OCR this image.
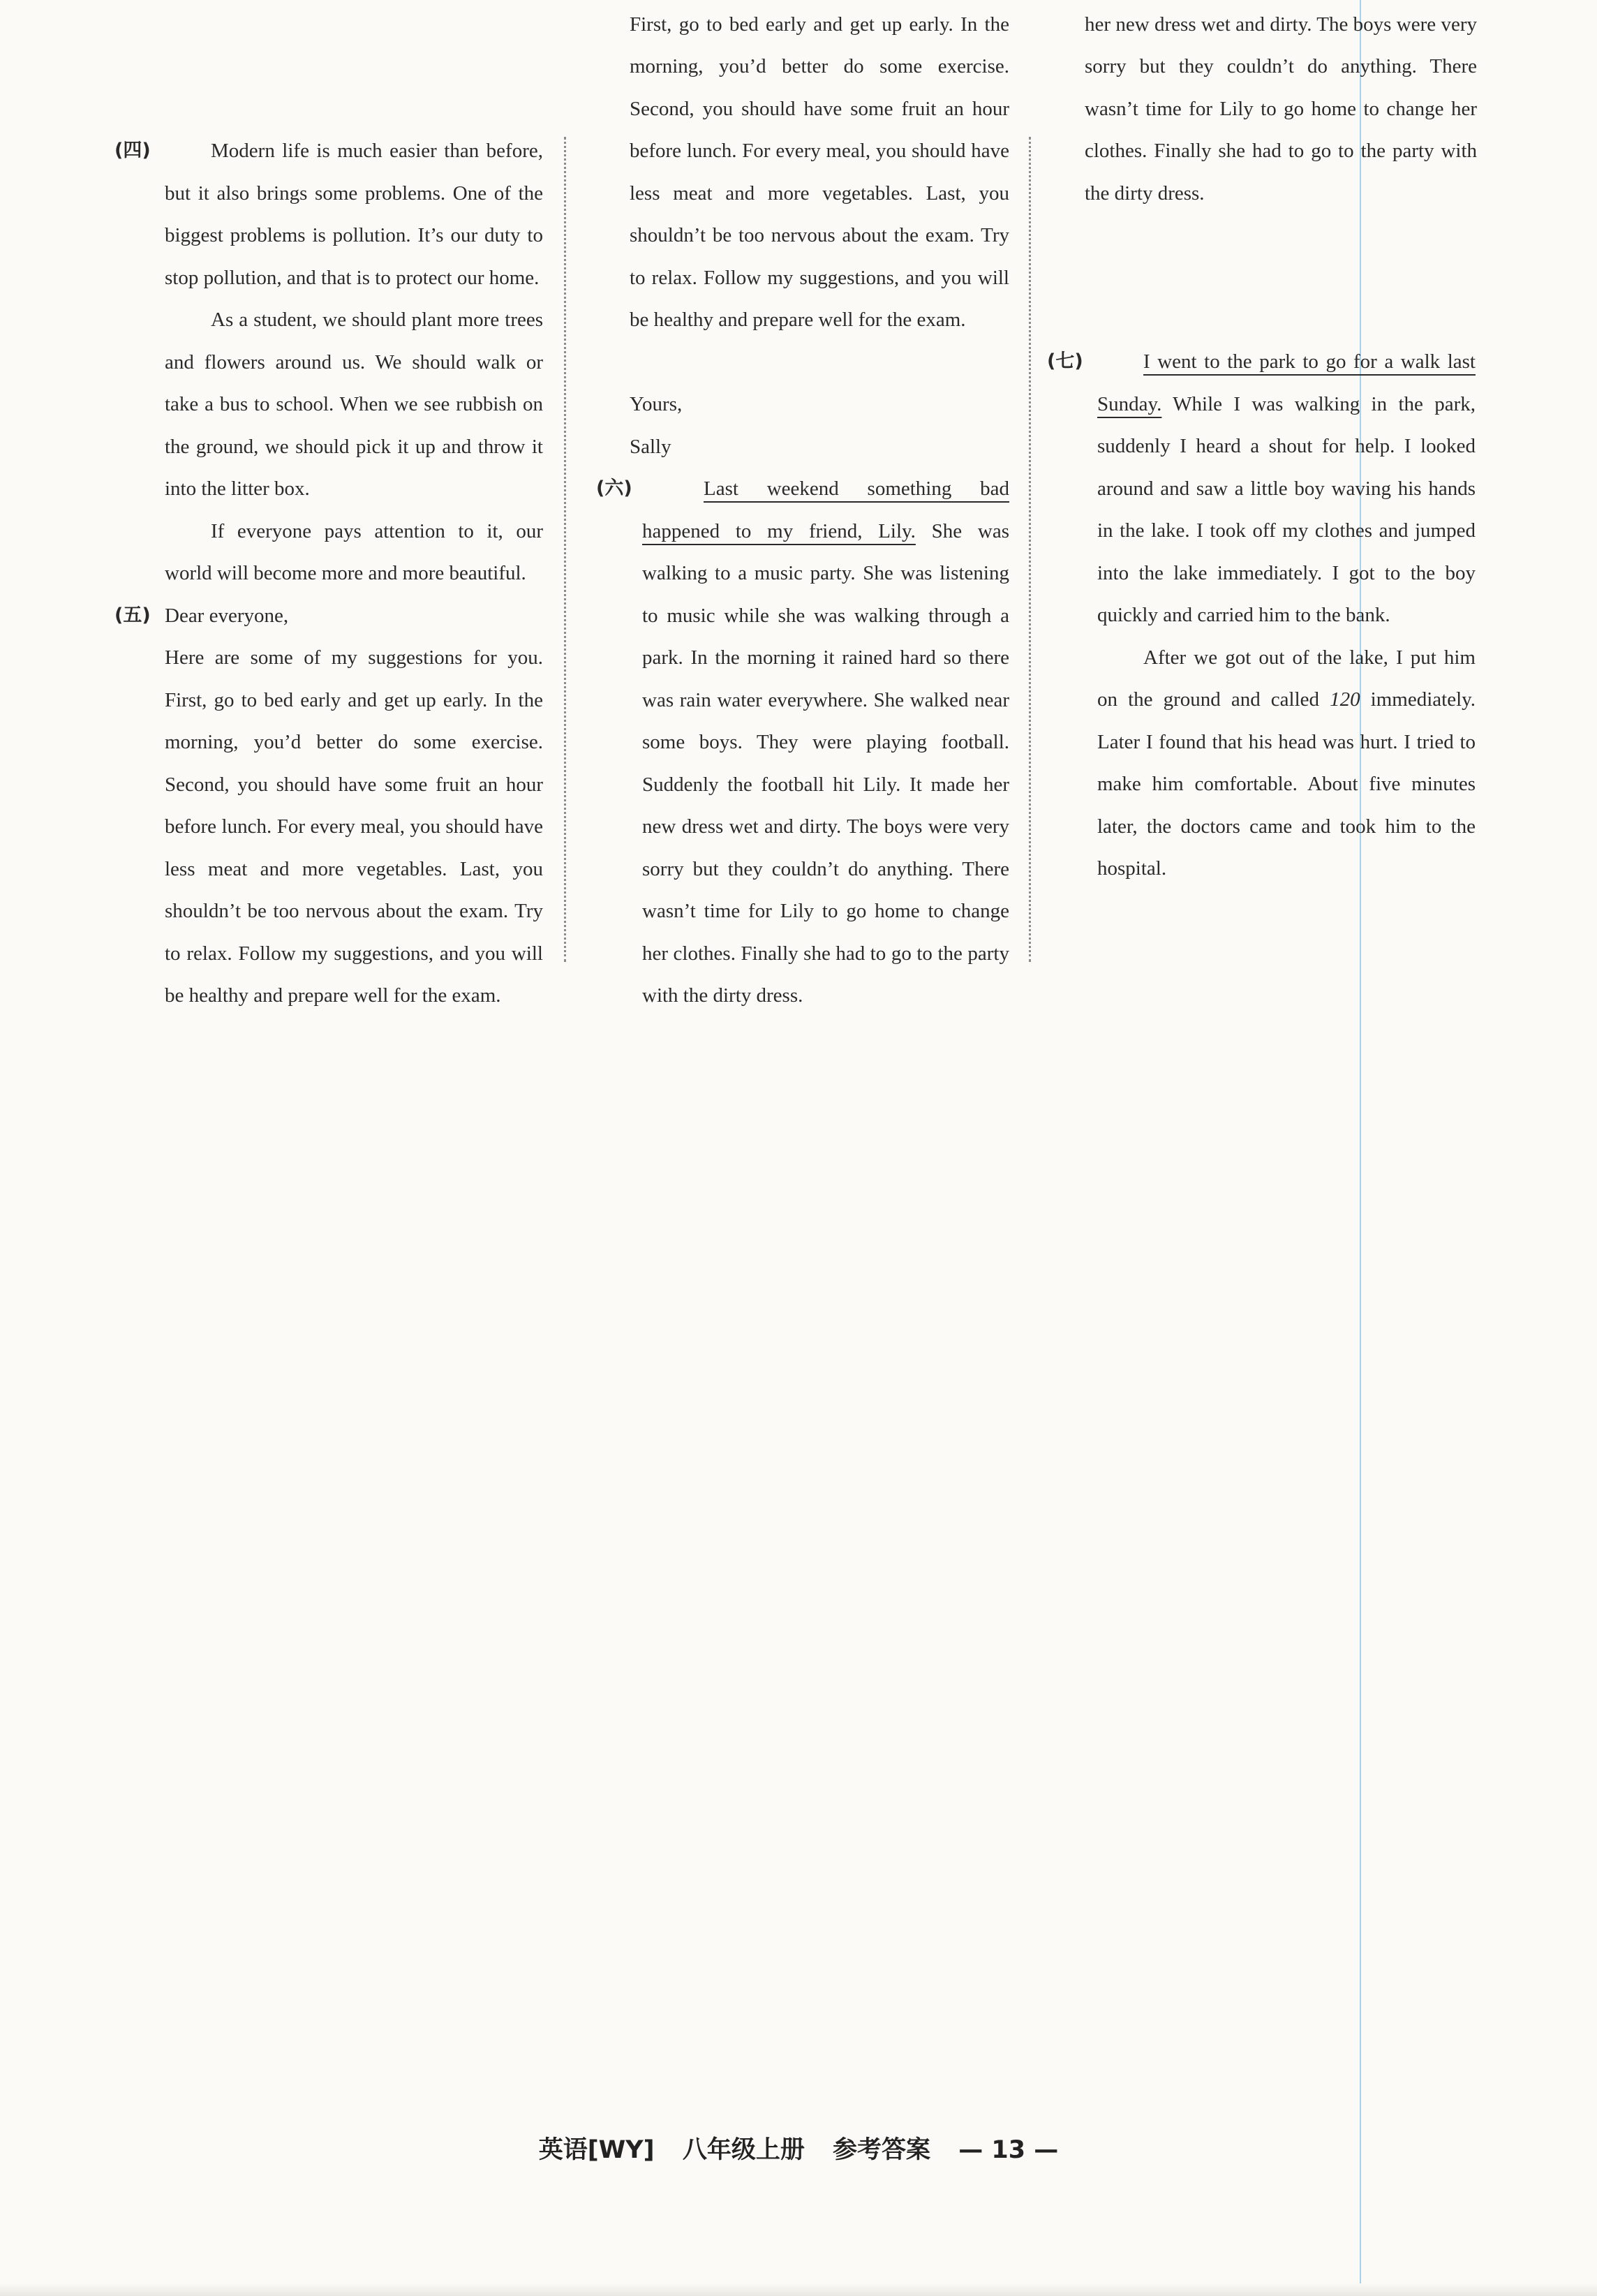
(四)	Modern life is much easier than before, but it also brings some problems. One of the biggest problems is pollution. It’s our duty to stop pollution, and that is to protect our home.

As a student, we should plant more trees and flowers around us. We should walk or take a bus to school. When we see rubbish on the ground, we should pick it up and throw it into the litter box.

If everyone pays attention to it, our world will become more and more beautiful.

(五) Dear everyone,

Here are some of my suggestions for you. First, go to bed early and get up early. In the morning, you’d better do some exercise. Second, you should have some fruit an hour before lunch. For every meal, you should have less meat and more vegetables. Last, you shouldn’t be too nervous about the exam. Try to relax. Follow my suggestions, and you will be healthy and prepare well for the exam.

First, go to bed early and get up early. In the morning, you’d better do some exercise. Second, you should have some fruit an hour before lunch. For every meal, you should have less meat and more vegetables. Last, you shouldn’t be too nervous about the exam. Try to relax. Follow my suggestions, and you will be healthy and prepare well for the exam.

Yours,

Sally

(六)	Last weekend something bad happened to my friend, Lily. She was walking to a music party. She was listening to music while she was walking through a park. In the morning it rained hard so there was rain water everywhere. She walked near some boys. They were playing football. Suddenly the football hit Lily. It made her new dress wet and dirty. The boys were very sorry but they couldn’t do anything. There wasn’t time for Lily to go home to change her clothes. Finally she had to go to the party with the dirty dress.

her new dress wet and dirty. The boys were very sorry but they couldn’t do anything. There wasn’t time for Lily to go home to change her clothes. Finally she had to go to the party with the dirty dress.

(七)	I went to the park to go for a walk last Sunday. While I was walking in the park, suddenly I heard a shout for help. I looked around and saw a little boy waving his hands in the lake. I took off my clothes and jumped into the lake immediately. I got to the boy quickly and carried him to the bank.

After we got out of the lake, I put him on the ground and called 120 immediately. Later I found that his head was hurt. I tried to make him comfortable. About five minutes later, the doctors came and took him to the hospital.

英语[WY] 八年级上册 参考答案 — 13 —
